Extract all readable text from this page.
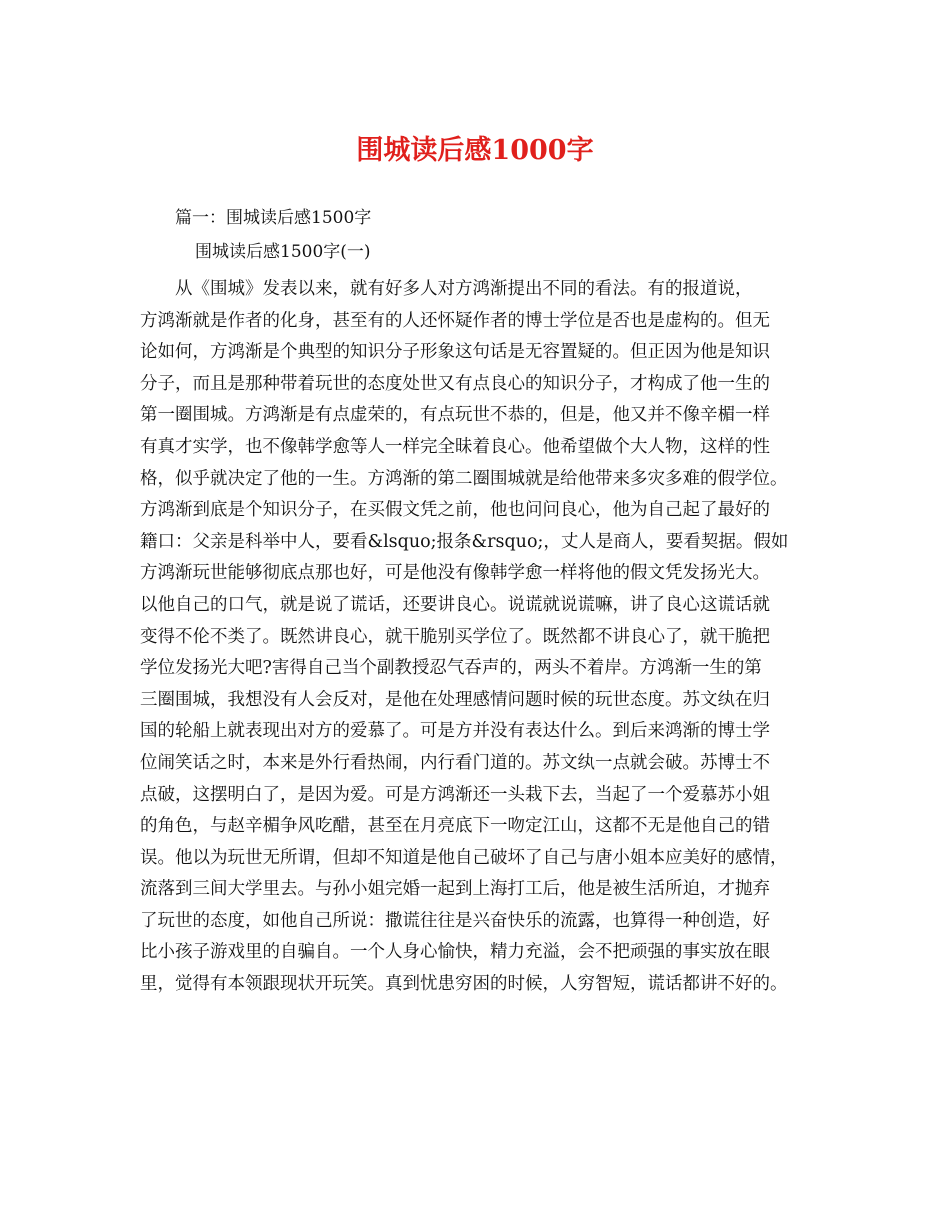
围城读后感1000字

篇一：围城读后感1500字

围城读后感1500字(一)

从《围城》发表以来，就有好多人对方鸿渐提出不同的看法。有的报道说，
方鸿渐就是作者的化身，甚至有的人还怀疑作者的博士学位是否也是虚构的。但无
论如何，方鸿渐是个典型的知识分子形象这句话是无容置疑的。但正因为他是知识
分子，而且是那种带着玩世的态度处世又有点良心的知识分子，才构成了他一生的
第一圈围城。方鸿渐是有点虚荣的，有点玩世不恭的，但是，他又并不像辛楣一样
有真才实学，也不像韩学愈等人一样完全昧着良心。他希望做个大人物，这样的性
格，似乎就决定了他的一生。方鸿渐的第二圈围城就是给他带来多灾多难的假学位。
方鸿渐到底是个知识分子，在买假文凭之前，他也问问良心，他为自己起了最好的
籍口：父亲是科举中人，要看&lsquo;报条&rsquo;，丈人是商人，要看契据。假如
方鸿渐玩世能够彻底点那也好，可是他没有像韩学愈一样将他的假文凭发扬光大。
以他自己的口气，就是说了谎话，还要讲良心。说谎就说谎嘛，讲了良心这谎话就
变得不伦不类了。既然讲良心，就干脆别买学位了。既然都不讲良心了，就干脆把
学位发扬光大吧?害得自己当个副教授忍气吞声的，两头不着岸。方鸿渐一生的第
三圈围城，我想没有人会反对，是他在处理感情问题时候的玩世态度。苏文纨在归
国的轮船上就表现出对方的爱慕了。可是方并没有表达什么。到后来鸿渐的博士学
位闹笑话之时，本来是外行看热闹，内行看门道的。苏文纨一点就会破。苏博士不
点破，这摆明白了，是因为爱。可是方鸿渐还一头栽下去，当起了一个爱慕苏小姐
的角色，与赵辛楣争风吃醋，甚至在月亮底下一吻定江山，这都不无是他自己的错
误。他以为玩世无所谓，但却不知道是他自己破坏了自己与唐小姐本应美好的感情，
流落到三间大学里去。与孙小姐完婚一起到上海打工后，他是被生活所迫，才抛弃
了玩世的态度，如他自己所说：撒谎往往是兴奋快乐的流露，也算得一种创造，好
比小孩子游戏里的自骗自。一个人身心愉快，精力充溢，会不把顽强的事实放在眼
里，觉得有本领跟现状开玩笑。真到忧患穷困的时候，人穷智短，谎话都讲不好的。
